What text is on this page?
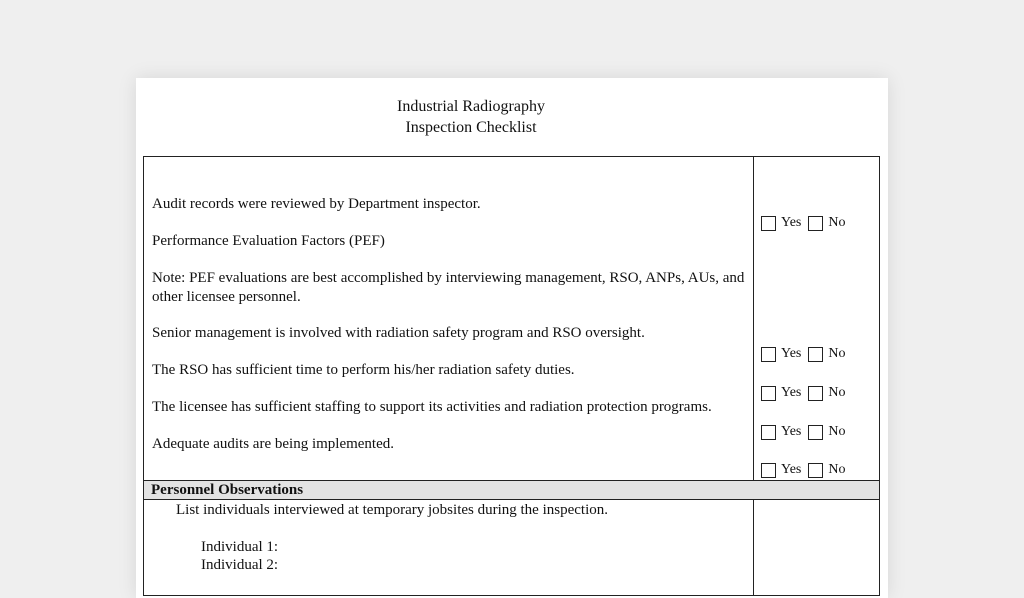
Industrial Radiography
Inspection Checklist
Audit records were reviewed by Department inspector.
Performance Evaluation Factors (PEF)
Note: PEF evaluations are best accomplished by interviewing management, RSO, ANPs, AUs, and other licensee personnel.
Senior management is involved with radiation safety program and RSO oversight.
The RSO has sufficient time to perform his/her radiation safety duties.
The licensee has sufficient staffing to support its activities and radiation protection programs.
Adequate audits are being implemented.
Yes No
Yes No
Yes No
Yes No
Yes No
Personnel Observations
List individuals interviewed at temporary jobsites during the inspection.
Individual 1:
Individual 2:
